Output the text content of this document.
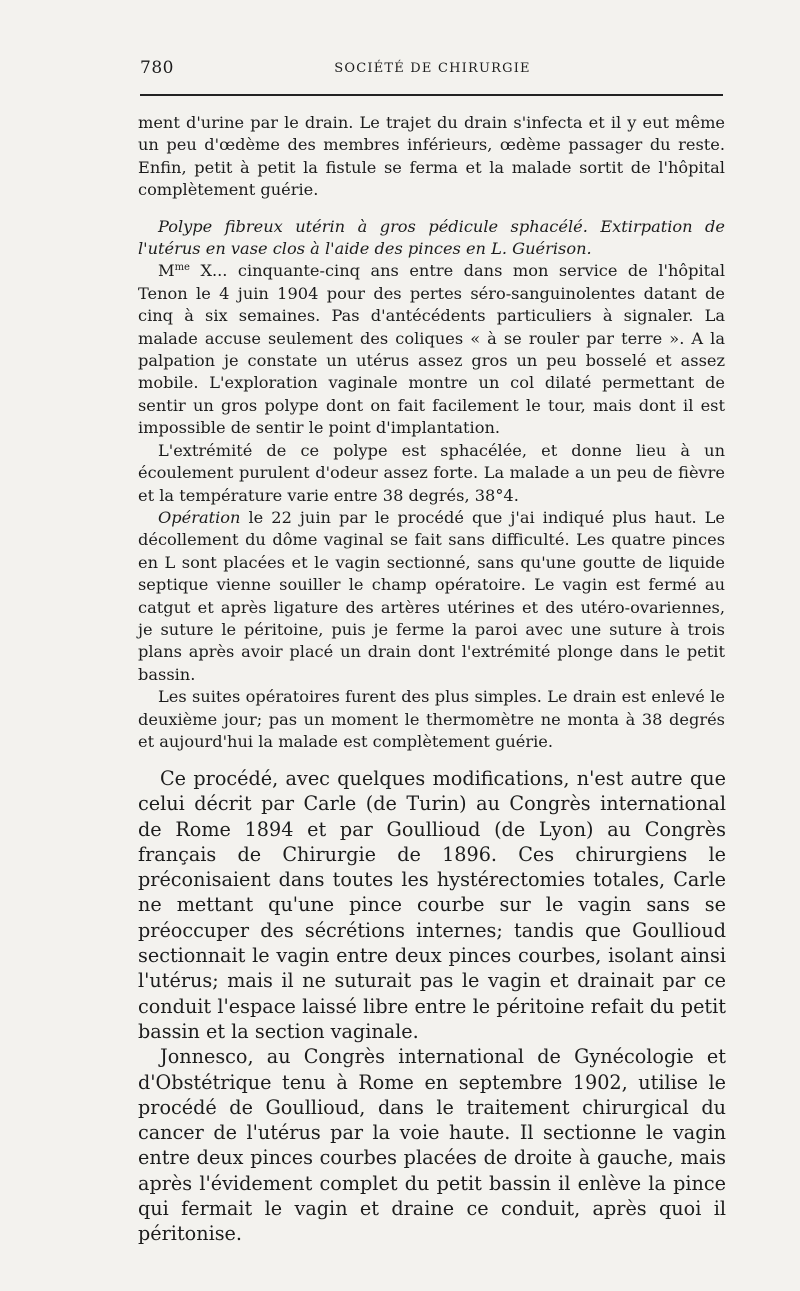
780	SOCIÉTÉ DE CHIRURGIE

ment d'urine par le drain. Le trajet du drain s'infecta et il y eut même un peu d'œdème des membres inférieurs, œdème passager du reste. Enfin, petit à petit la fistule se ferma et la malade sortit de l'hôpital complètement guérie.

Polype fibreux utérin à gros pédicule sphacélé. Extirpation de l'utérus en vase clos à l'aide des pinces en L. Guérison.

$M^{me}$ X... cinquante-cinq ans entre dans mon service de l'hôpital Tenon le 4 juin 1904 pour des pertes séro-sanguinolentes datant de cinq à six semaines. Pas d'antécédents particuliers à signaler. La malade accuse seulement des coliques « à se rouler par terre ». A la palpation je constate un utérus assez gros un peu bosselé et assez mobile. L'exploration vaginale montre un col dilaté permettant de sentir un gros polype dont on fait facilement le tour, mais dont il est impossible de sentir le point d'implantation.

L'extrémité de ce polype est sphacélée, et donne lieu à un écoulement purulent d'odeur assez forte. La malade a un peu de fièvre et la température varie entre 38 degrés, 38°4.

Opération le 22 juin par le procédé que j'ai indiqué plus haut. Le décollement du dôme vaginal se fait sans difficulté. Les quatre pinces en L sont placées et le vagin sectionné, sans qu'une goutte de liquide septique vienne souiller le champ opératoire. Le vagin est fermé au catgut et après ligature des artères utérines et des utéro-ovariennes, je suture le péritoine, puis je ferme la paroi avec une suture à trois plans après avoir placé un drain dont l'extrémité plonge dans le petit bassin.

Les suites opératoires furent des plus simples. Le drain est enlevé le deuxième jour; pas un moment le thermomètre ne monta à 38 degrés et aujourd'hui la malade est complètement guérie.

Ce procédé, avec quelques modifications, n'est autre que celui décrit par Carle (de Turin) au Congrès international de Rome 1894 et par Goullioud (de Lyon) au Congrès français de Chirurgie de 1896. Ces chirurgiens le préconisaient dans toutes les hystérectomies totales, Carle ne mettant qu'une pince courbe sur le vagin sans se préoccuper des sécrétions internes; tandis que Goullioud sectionnait le vagin entre deux pinces courbes, isolant ainsi l'utérus; mais il ne suturait pas le vagin et drainait par ce conduit l'espace laissé libre entre le péritoine refait du petit bassin et la section vaginale.

Jonnesco, au Congrès international de Gynécologie et d'Obstétrique tenu à Rome en septembre 1902, utilise le procédé de Goullioud, dans le traitement chirurgical du cancer de l'utérus par la voie haute. Il sectionne le vagin entre deux pinces courbes placées de droite à gauche, mais après l'évidement complet du petit bassin il enlève la pince qui fermait le vagin et draine ce conduit, après quoi il péritonise.
